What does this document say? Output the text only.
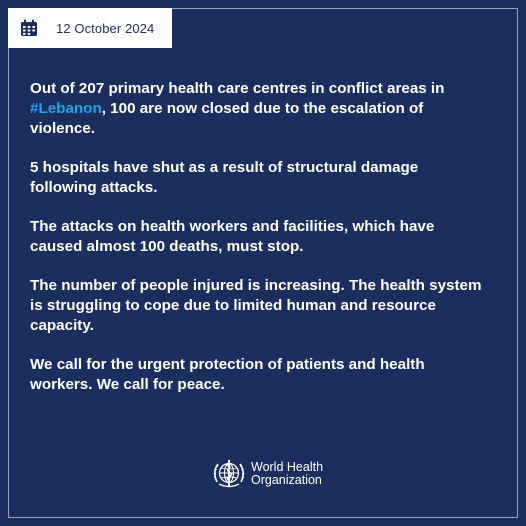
12 October 2024

Out of 207 primary health care centres in conflict areas in #Lebanon, 100 are now closed due to the escalation of violence.

5 hospitals have shut as a result of structural damage following attacks.

The attacks on health workers and facilities, which have caused almost 100 deaths, must stop.

The number of people injured is increasing. The health system is struggling to cope due to limited human and resource capacity.

We call for the urgent protection of patients and health workers. We call for peace.

World Health
Organization
